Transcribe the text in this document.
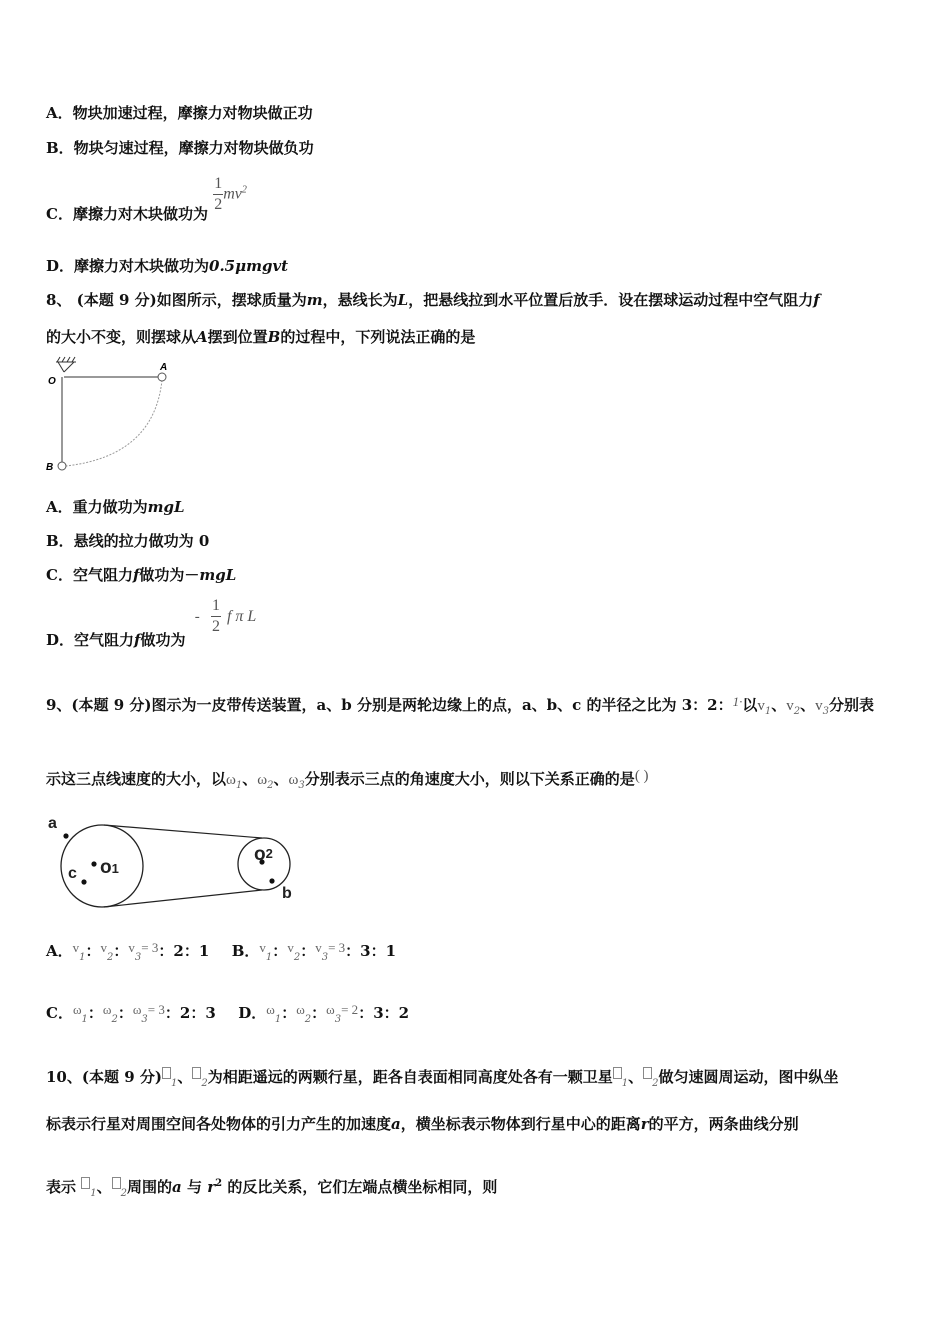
A．物块加速过程，摩擦力对物块做正功
B．物块匀速过程，摩擦力对物块做负功
C．摩擦力对木块做功为
$\frac{1}{2} mv^2$
D．摩擦力对木块做功为0.5μmgvt
8、 (本题 9 分)如图所示，摆球质量为m，悬线长为L，把悬线拉到水平位置后放手．设在摆球运动过程中空气阻力f
的大小不变，则摆球从A摆到位置B的过程中，下列说法正确的是
O
A
B
A．重力做功为mgL
B．悬线的拉力做功为 0
C．空气阻力f做功为－mgL
D．空气阻力f做功为 - $\frac{1}{2}$ f π L
9、(本题 9 分)图示为一皮带传送装置，a、b 分别是两轮边缘上的点，a、b、c 的半径之比为 3：2：1·以$v_1$、$v_2$、$v_3$分别表
示这三点线速度的大小，以$\omega_1$、$\omega_2$、$\omega_3$分别表示三点的角速度大小，则以下关系正确的是( )
a
c o1
o2
b
A．$v_1$：$v_2$：$v_3= 3$：2：1 B．$v_1$：$v_2$：$v_3= 3$：3：1
C．$\omega_1$：$\omega_2$：$\omega_3= 3$：2：3 D．$\omega_1$：$\omega_2$：$\omega_3= 2$：3：2
10、(本题 9 分) $_1$、 $_2$为相距遥远的两颗行星，距各自表面相同高度处各有一颗卫星 $_1$、 $_2$做匀速圆周运动，图中纵坐
标表示行星对周围空间各处物体的引力产生的加速度a，横坐标表示物体到行星中心的距离r的平方，两条曲线分别
表示 $_1$、 $_2$周围的a 与 $r^2$ 的反比关系，它们左端点横坐标相同，则
